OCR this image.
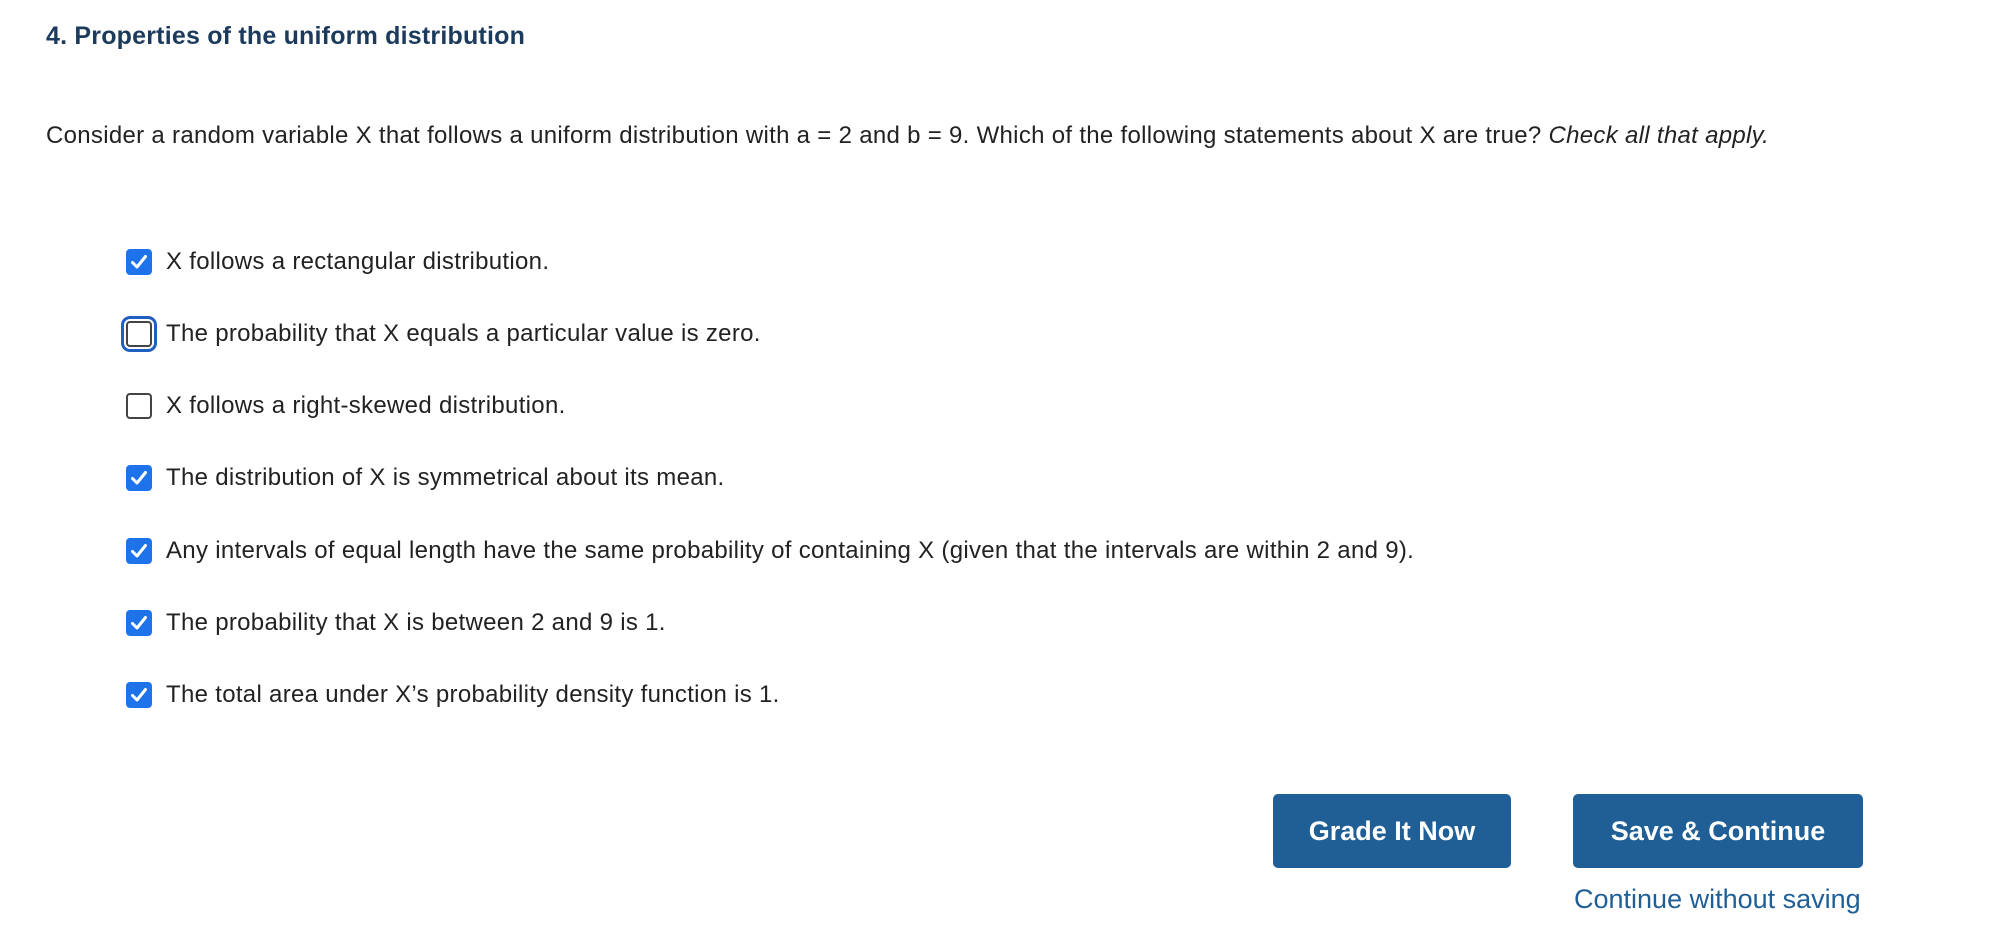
4. Properties of the uniform distribution
Consider a random variable X that follows a uniform distribution with a = 2 and b = 9. Which of the following statements about X are true? Check all that apply.
X follows a rectangular distribution.
The probability that X equals a particular value is zero.
X follows a right-skewed distribution.
The distribution of X is symmetrical about its mean.
Any intervals of equal length have the same probability of containing X (given that the intervals are within 2 and 9).
The probability that X is between 2 and 9 is 1.
The total area under X’s probability density function is 1.
Grade It Now	Save & Continue
Continue without saving
